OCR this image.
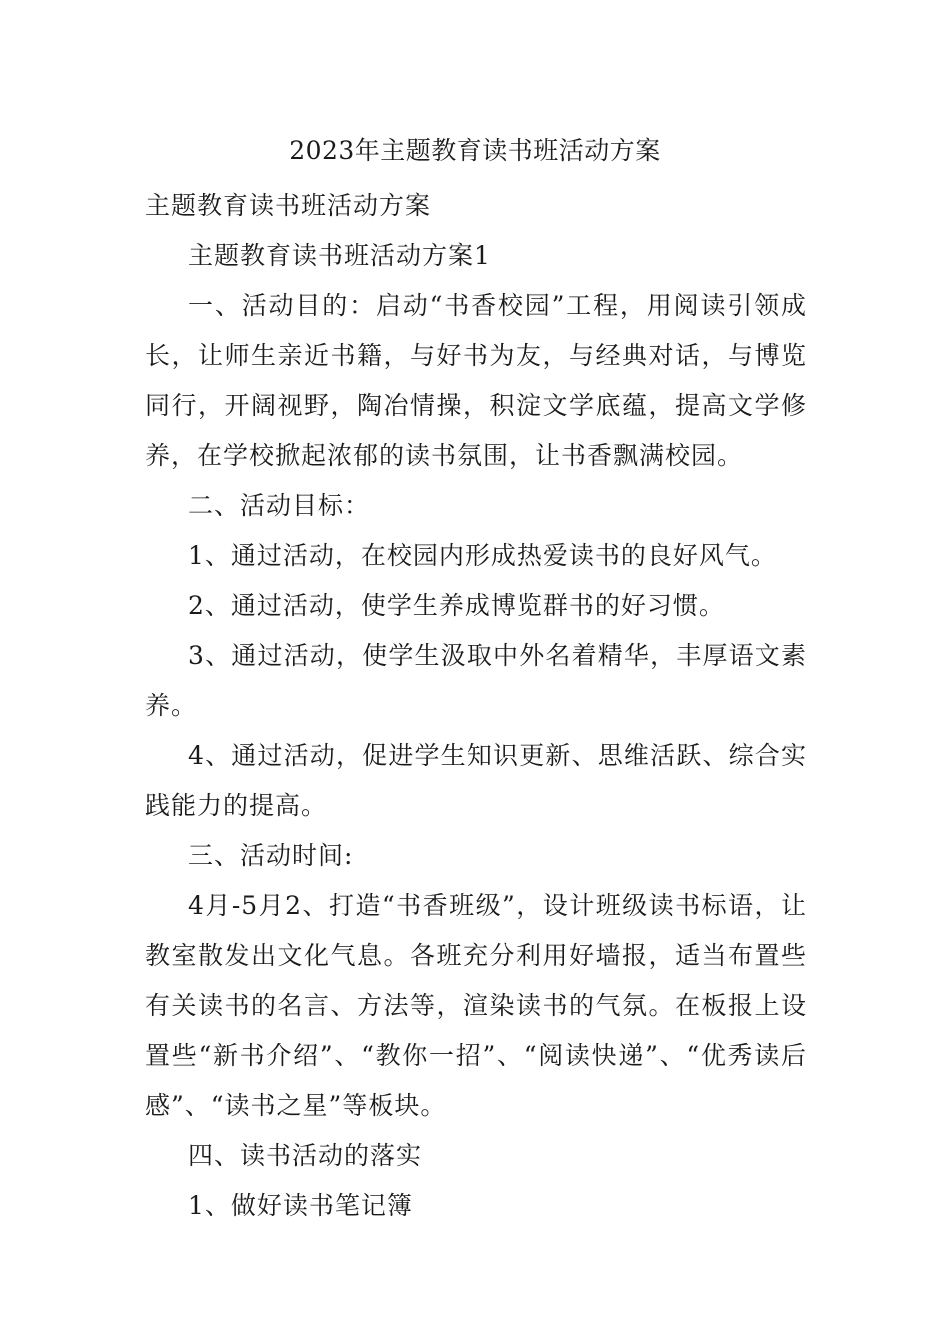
2023年主题教育读书班活动方案

主题教育读书班活动方案

主题教育读书班活动方案1

一、活动目的：启动“书香校园”工程，用阅读引领成长，让师生亲近书籍，与好书为友，与经典对话，与博览同行，开阔视野，陶冶情操，积淀文学底蕴，提高文学修养，在学校掀起浓郁的读书氛围，让书香飘满校园。

二、活动目标：

1、通过活动，在校园内形成热爱读书的良好风气。

2、通过活动，使学生养成博览群书的好习惯。

3、通过活动，使学生汲取中外名着精华，丰厚语文素养。

4、通过活动，促进学生知识更新、思维活跃、综合实践能力的提高。

三、活动时间:

4月-5月2、打造“书香班级”，设计班级读书标语，让教室散发出文化气息。各班充分利用好墙报，适当布置些有关读书的名言、方法等，渲染读书的气氛。在板报上设置些“新书介绍”、“教你一招”、“阅读快递”、“优秀读后感”、“读书之星”等板块。

四、读书活动的落实

1、做好读书笔记簿
